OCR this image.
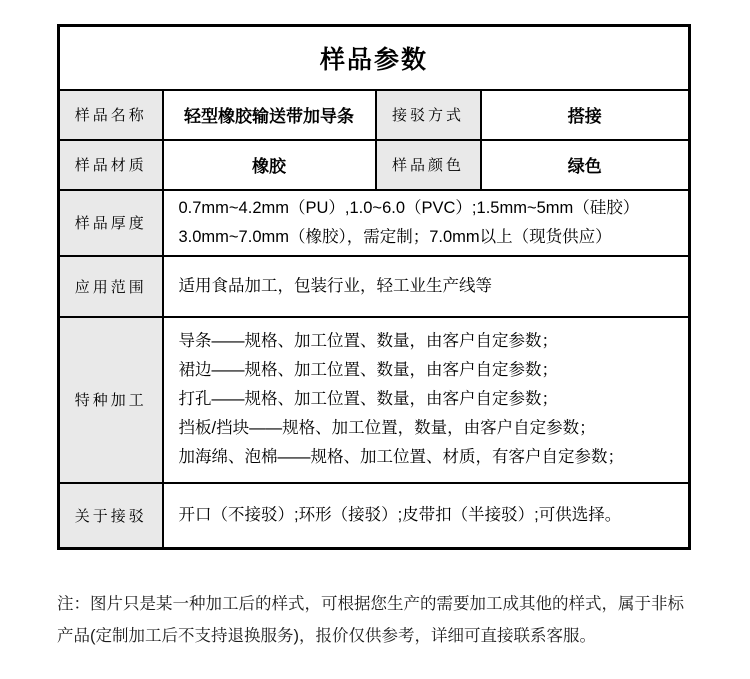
样品参数			
样品名称	轻型橡胶输送带加导条	接驳方式	搭接
样品材质	橡胶	样品颜色	绿色
样品厚度	0.7mm~4.2mm（PU）,1.0~6.0（PVC）;1.5mm~5mm（硅胶）
3.0mm~7.0mm（橡胶），需定制；7.0mm以上（现货供应）		

应用范围	适用食品加工，包装行业，轻工业生产线等		

特种加工	导条——规格、加工位置、数量，由客户自定参数；
裙边——规格、加工位置、数量，由客户自定参数；
打孔——规格、加工位置、数量，由客户自定参数；
挡板/挡块——规格、加工位置，数量，由客户自定参数；
加海绵、泡棉——规格、加工位置、材质，有客户自定参数；		

关于接驳	开口（不接驳）;环形（接驳）;皮带扣（半接驳）;可供选择。		
注：图片只是某一种加工后的样式，可根据您生产的需要加工成其他的样式，属于非标
产品(定制加工后不支持退换服务)，报价仅供参考，详细可直接联系客服。
